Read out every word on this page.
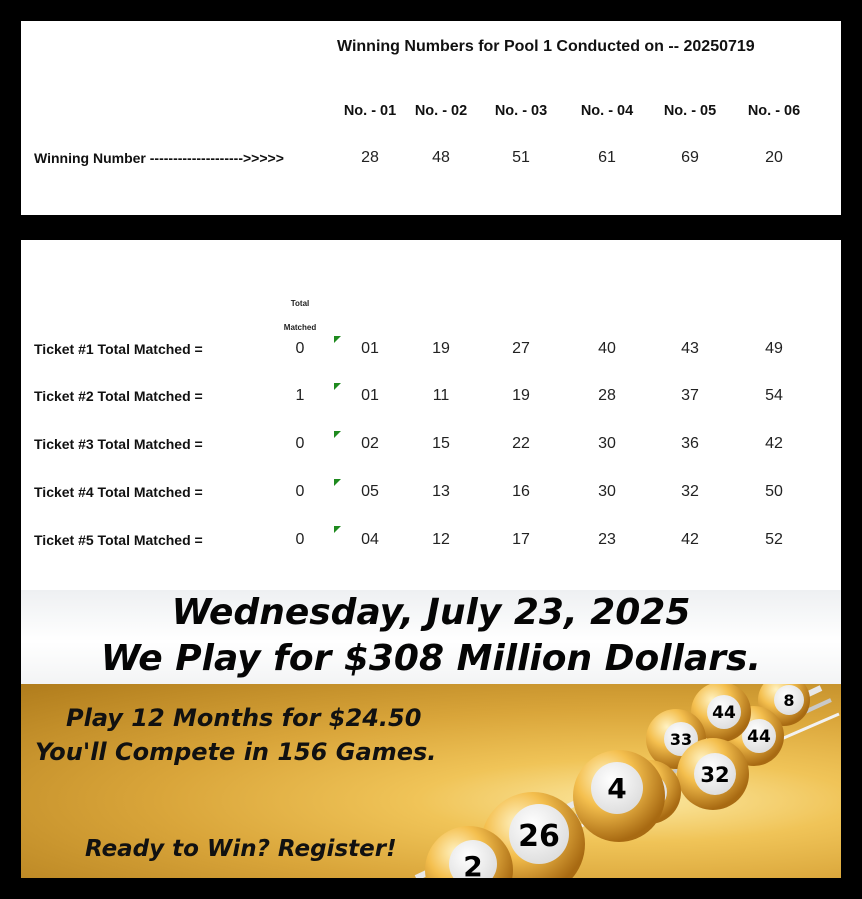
Winning Numbers for Pool 1 Conducted on -- 20250719
No. - 01 No. - 02 No. - 03 No. - 04 No. - 05 No. - 06
Winning Number -------------------->>>>>	28	48	51	61	69	20
Total
Matched
Ticket #1 Total Matched =	0	01	19	27	40	43	49
Ticket #2 Total Matched =	1	01	11	19	28	37	54
Ticket #3 Total Matched =	0	02	15	22	30	36	42
Ticket #4 Total Matched =	0	05	13	16	30	32	50
Ticket #5 Total Matched =	0	04	12	17	23	42	52
Wednesday, July 23, 2025
We Play for $308 Million Dollars.
Play 12 Months for $24.50
You'll Compete in 156 Games.
Ready to Win? Register!
8
44
44
33
32
4
26
2
